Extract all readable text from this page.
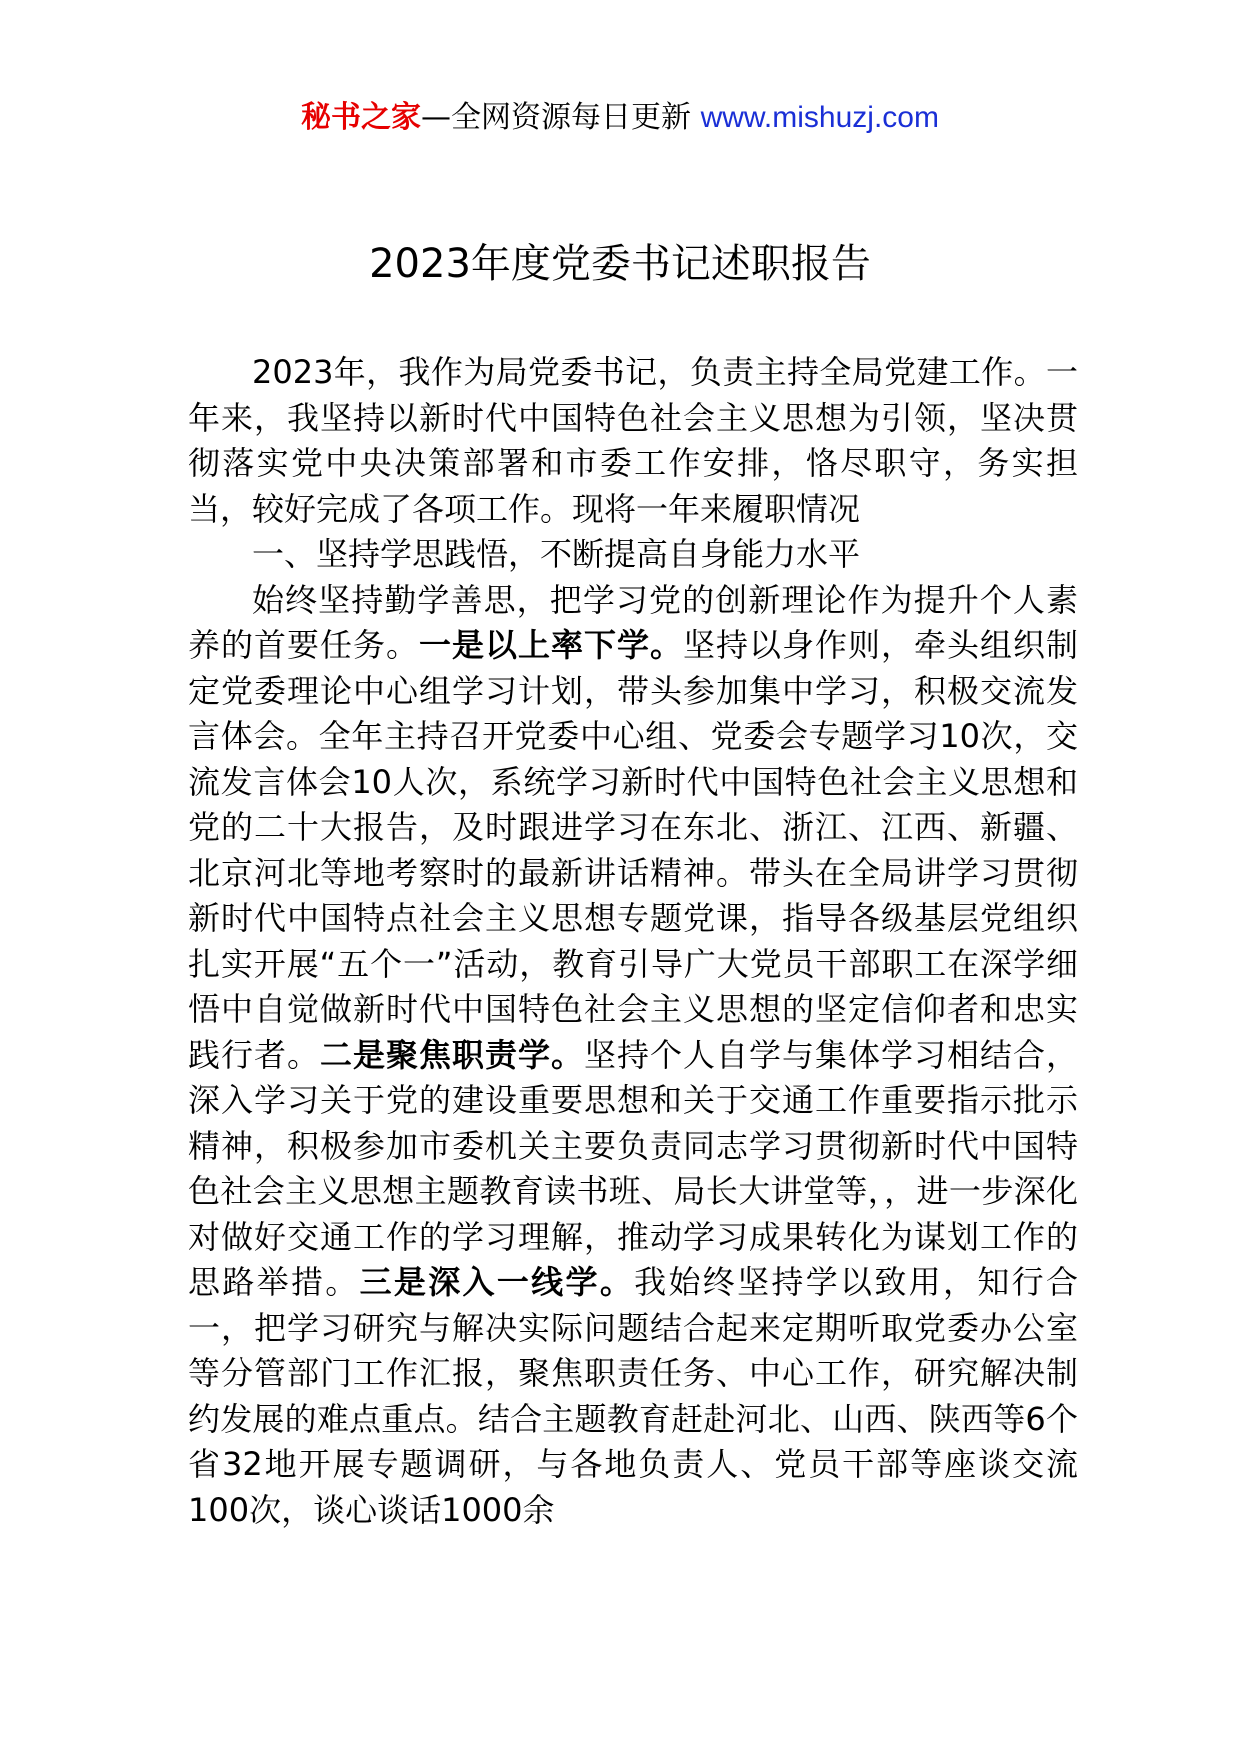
秘书之家—全网资源每日更新 www.mishuzj.com
2023年度党委书记述职报告

2023年，我作为局党委书记，负责主持全局党建工作。一年来，我坚持以新时代中国特色社会主义思想为引领，坚决贯彻落实党中央决策部署和市委工作安排，恪尽职守，务实担当，较好完成了各项工作。现将一年来履职情况

一、坚持学思践悟，不断提高自身能力水平

始终坚持勤学善思，把学习党的创新理论作为提升个人素养的首要任务。一是以上率下学。坚持以身作则，牵头组织制定党委理论中心组学习计划，带头参加集中学习，积极交流发言体会。全年主持召开党委中心组、党委会专题学习10次，交流发言体会10人次，系统学习新时代中国特色社会主义思想和党的二十大报告，及时跟进学习在东北、浙江、江西、新疆、北京河北等地考察时的最新讲话精神。带头在全局讲学习贯彻新时代中国特点社会主义思想专题党课，指导各级基层党组织扎实开展“五个一”活动，教育引导广大党员干部职工在深学细悟中自觉做新时代中国特色社会主义思想的坚定信仰者和忠实践行者。二是聚焦职责学。坚持个人自学与集体学习相结合，深入学习关于党的建设重要思想和关于交通工作重要指示批示精神，积极参加市委机关主要负责同志学习贯彻新时代中国特色社会主义思想主题教育读书班、局长大讲堂等，，进一步深化对做好交通工作的学习理解，推动学习成果转化为谋划工作的思路举措。三是深入一线学。我始终坚持学以致用，知行合一，把学习研究与解决实际问题结合起来定期听取党委办公室等分管部门工作汇报，聚焦职责任务、中心工作，研究解决制约发展的难点重点。结合主题教育赶赴河北、山西、陕西等6个省32地开展专题调研，与各地负责人、党员干部等座谈交流100次，谈心谈话1000余
